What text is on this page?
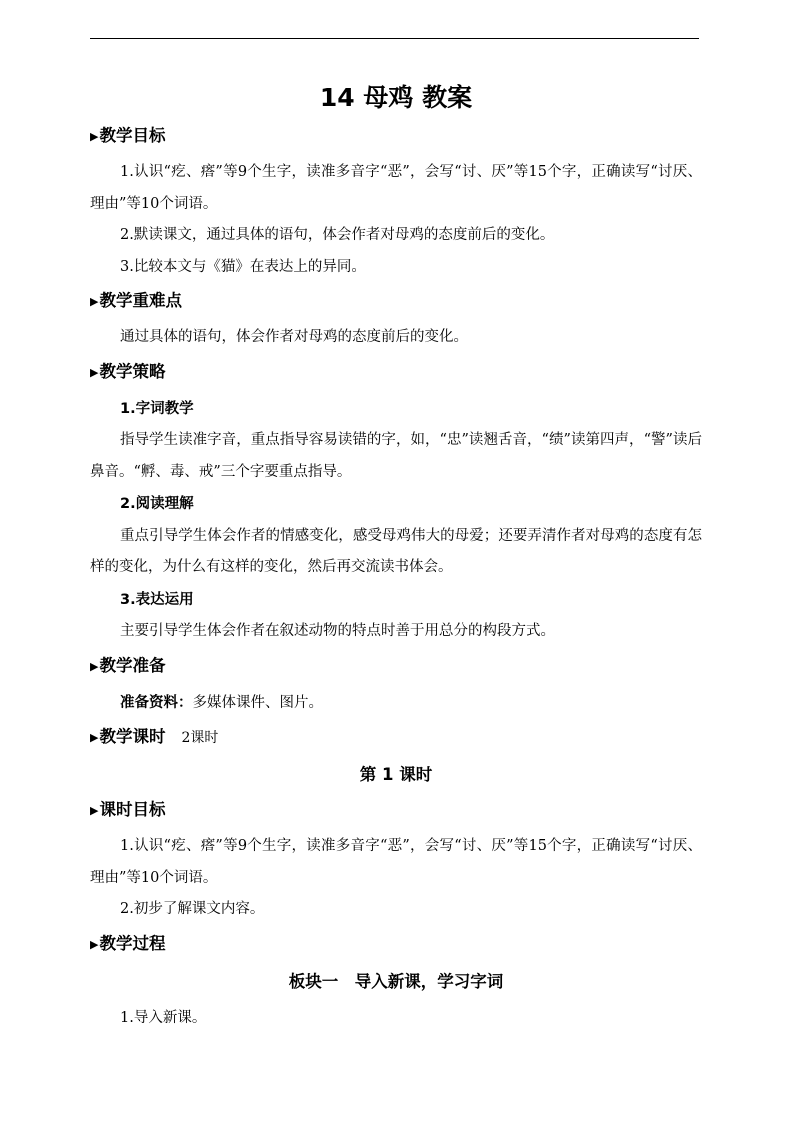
14 母鸡 教案
▶教学目标

1.认识“疙、瘩”等9个生字，读准多音字“恶”，会写“讨、厌”等15个字，正确读写“讨厌、理由”等10个词语。

2.默读课文，通过具体的语句，体会作者对母鸡的态度前后的变化。

3.比较本文与《猫》在表达上的异同。

▶教学重难点

通过具体的语句，体会作者对母鸡的态度前后的变化。

▶教学策略

1.字词教学

指导学生读准字音，重点指导容易读错的字，如，“忠”读翘舌音，“绩”读第四声，“警”读后鼻音。“孵、毒、戒”三个字要重点指导。

2.阅读理解

重点引导学生体会作者的情感变化，感受母鸡伟大的母爱；还要弄清作者对母鸡的态度有怎样的变化，为什么有这样的变化，然后再交流读书体会。

3.表达运用

主要引导学生体会作者在叙述动物的特点时善于用总分的构段方式。

▶教学准备

准备资料：多媒体课件、图片。

▶教学课时 2课时
第 1 课时
▶课时目标

1.认识“疙、瘩”等9个生字，读准多音字“恶”，会写“讨、厌”等15个字，正确读写“讨厌、理由”等10个词语。

2.初步了解课文内容。

▶教学过程
板块一　导入新课，学习字词

1.导入新课。
